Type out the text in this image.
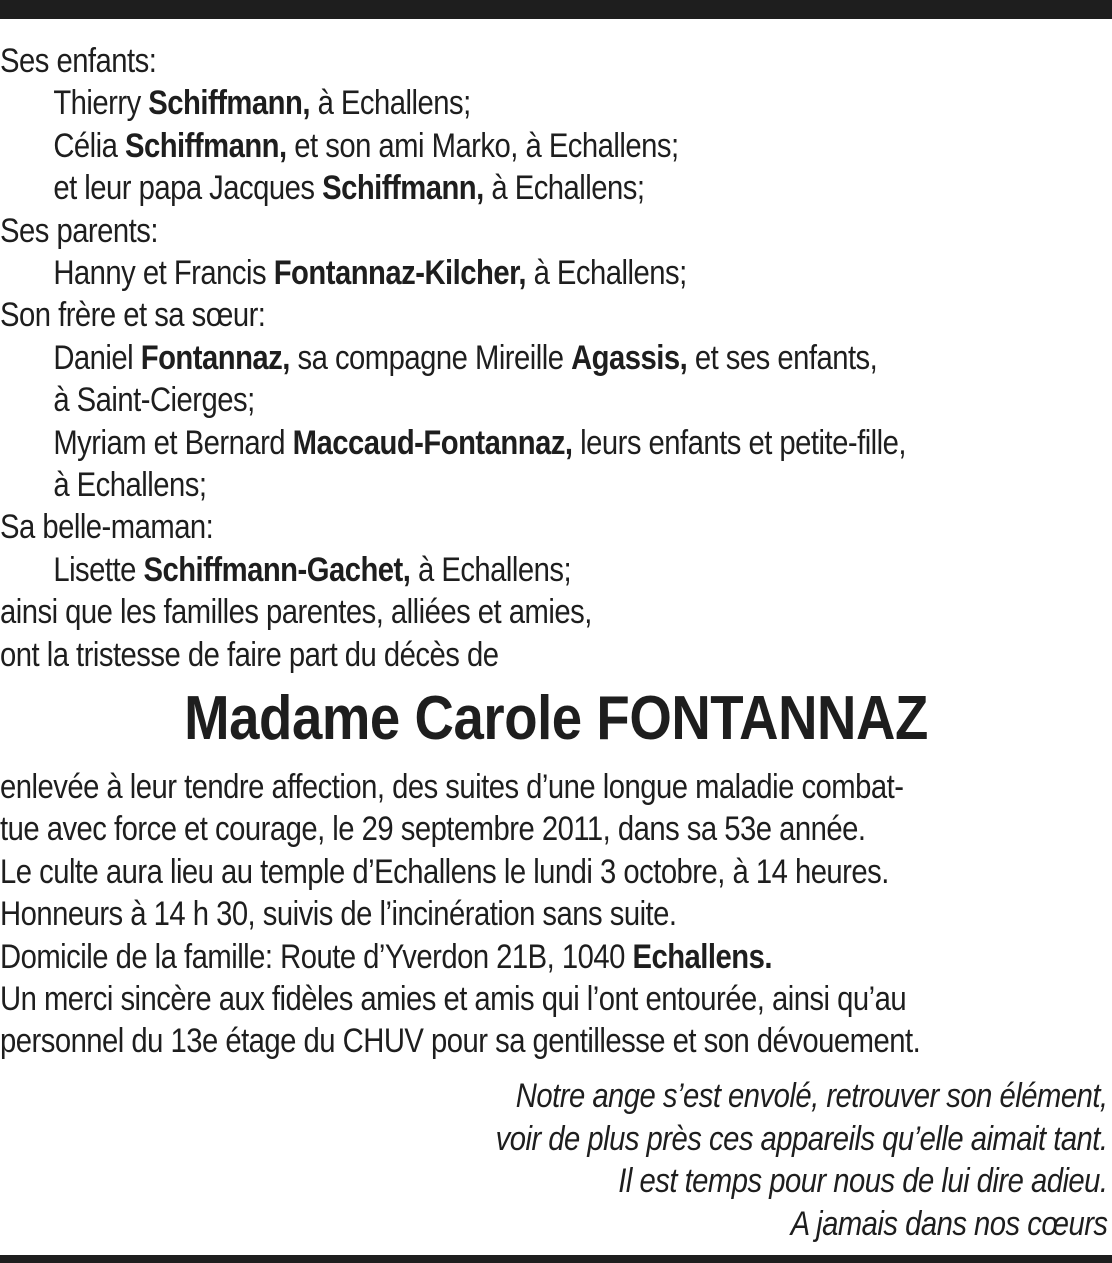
Ses enfants:
Thierry Schiffmann, à Echallens;
Célia Schiffmann, et son ami Marko, à Echallens;
et leur papa Jacques Schiffmann, à Echallens;
Ses parents:
Hanny et Francis Fontannaz-Kilcher, à Echallens;
Son frère et sa sœur:
Daniel Fontannaz, sa compagne Mireille Agassis, et ses enfants,
à Saint-Cierges;
Myriam et Bernard Maccaud-Fontannaz, leurs enfants et petite-fille,
à Echallens;
Sa belle-maman:
Lisette Schiffmann-Gachet, à Echallens;
ainsi que les familles parentes, alliées et amies,
ont la tristesse de faire part du décès de
Madame Carole FONTANNAZ
enlevée à leur tendre affection, des suites d’une longue maladie combat-
tue avec force et courage, le 29 septembre 2011, dans sa 53e année.
Le culte aura lieu au temple d’Echallens le lundi 3 octobre, à 14 heures.
Honneurs à 14 h 30, suivis de l’incinération sans suite.
Domicile de la famille: Route d’Yverdon 21B, 1040 Echallens.
Un merci sincère aux fidèles amies et amis qui l’ont entourée, ainsi qu’au
personnel du 13e étage du CHUV pour sa gentillesse et son dévouement.
Notre ange s’est envolé, retrouver son élément,
voir de plus près ces appareils qu’elle aimait tant.
Il est temps pour nous de lui dire adieu.
A jamais dans nos cœurs
